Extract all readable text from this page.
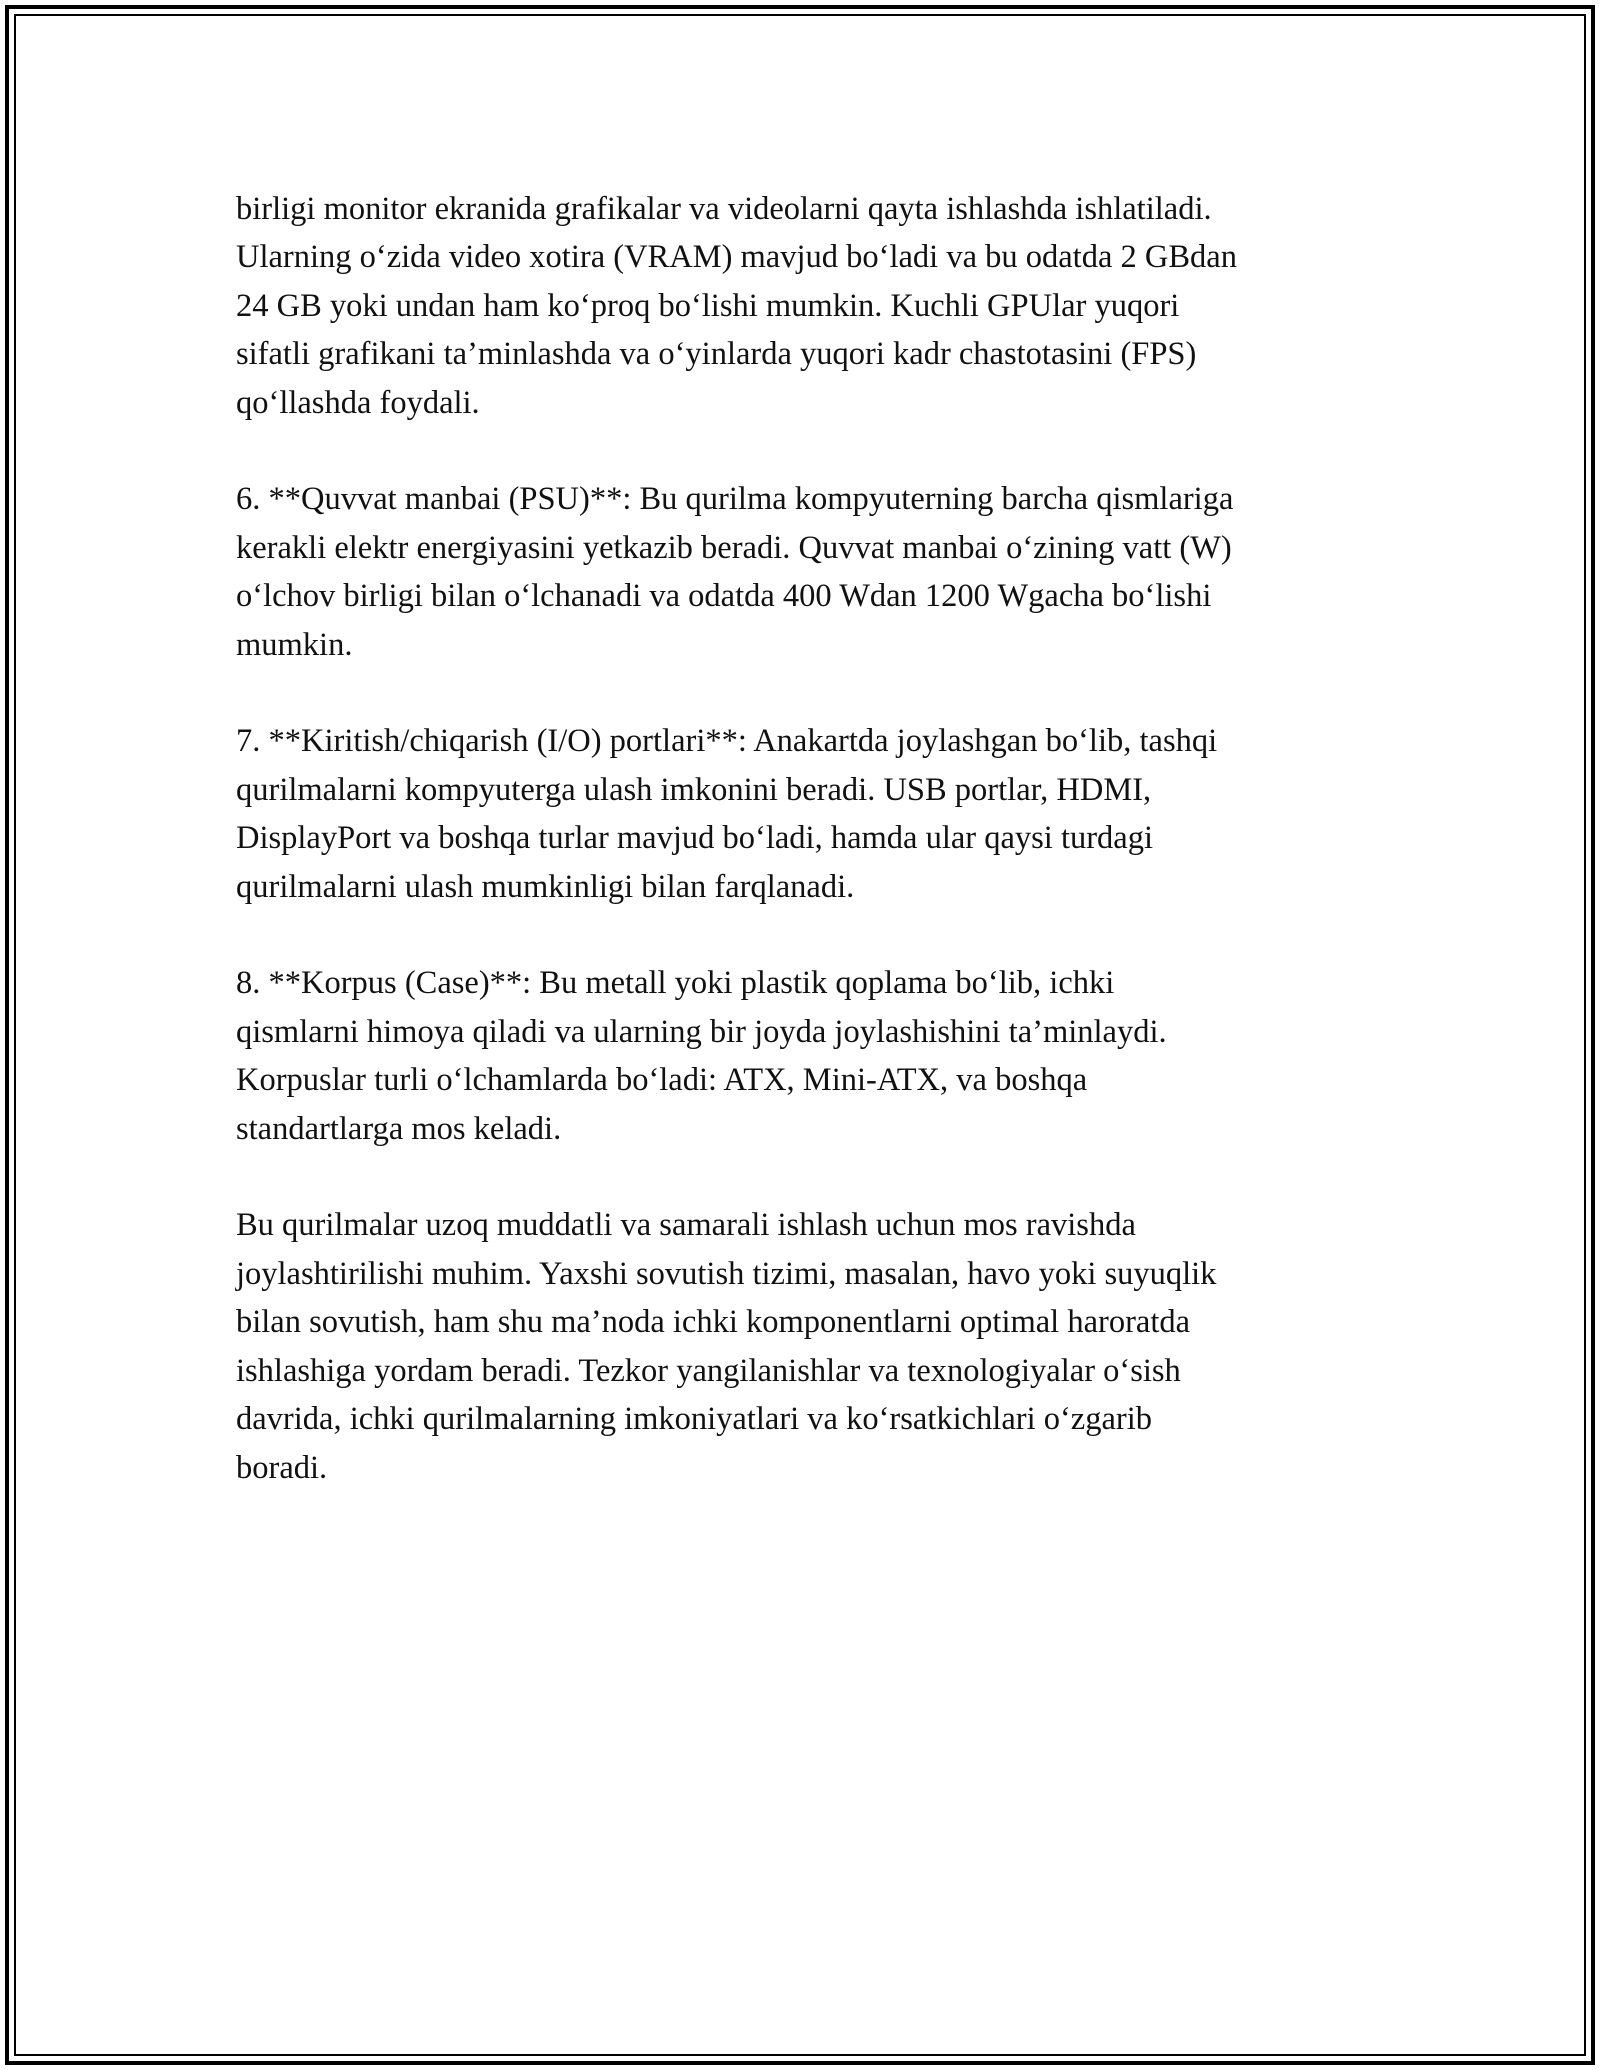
birligi monitor ekranida grafikalar va videolarni qayta ishlashda ishlatiladi.
Ularning o‘zida video xotira (VRAM) mavjud bo‘ladi va bu odatda 2 GBdan
24 GB yoki undan ham ko‘proq bo‘lishi mumkin. Kuchli GPUlar yuqori
sifatli grafikani ta’minlashda va o‘yinlarda yuqori kadr chastotasini (FPS)
qo‘llashda foydali.

6. **Quvvat manbai (PSU)**: Bu qurilma kompyuterning barcha qismlariga
kerakli elektr energiyasini yetkazib beradi. Quvvat manbai o‘zining vatt (W)
o‘lchov birligi bilan o‘lchanadi va odatda 400 Wdan 1200 Wgacha bo‘lishi
mumkin.

7. **Kiritish/chiqarish (I/O) portlari**: Anakartda joylashgan bo‘lib, tashqi
qurilmalarni kompyuterga ulash imkonini beradi. USB portlar, HDMI,
DisplayPort va boshqa turlar mavjud bo‘ladi, hamda ular qaysi turdagi
qurilmalarni ulash mumkinligi bilan farqlanadi.

8. **Korpus (Case)**: Bu metall yoki plastik qoplama bo‘lib, ichki
qismlarni himoya qiladi va ularning bir joyda joylashishini ta’minlaydi.
Korpuslar turli o‘lchamlarda bo‘ladi: ATX, Mini-ATX, va boshqa
standartlarga mos keladi.

Bu qurilmalar uzoq muddatli va samarali ishlash uchun mos ravishda
joylashtirilishi muhim. Yaxshi sovutish tizimi, masalan, havo yoki suyuqlik
bilan sovutish, ham shu ma’noda ichki komponentlarni optimal haroratda
ishlashiga yordam beradi. Tezkor yangilanishlar va texnologiyalar o‘sish
davrida, ichki qurilmalarning imkoniyatlari va ko‘rsatkichlari o‘zgarib
boradi.
